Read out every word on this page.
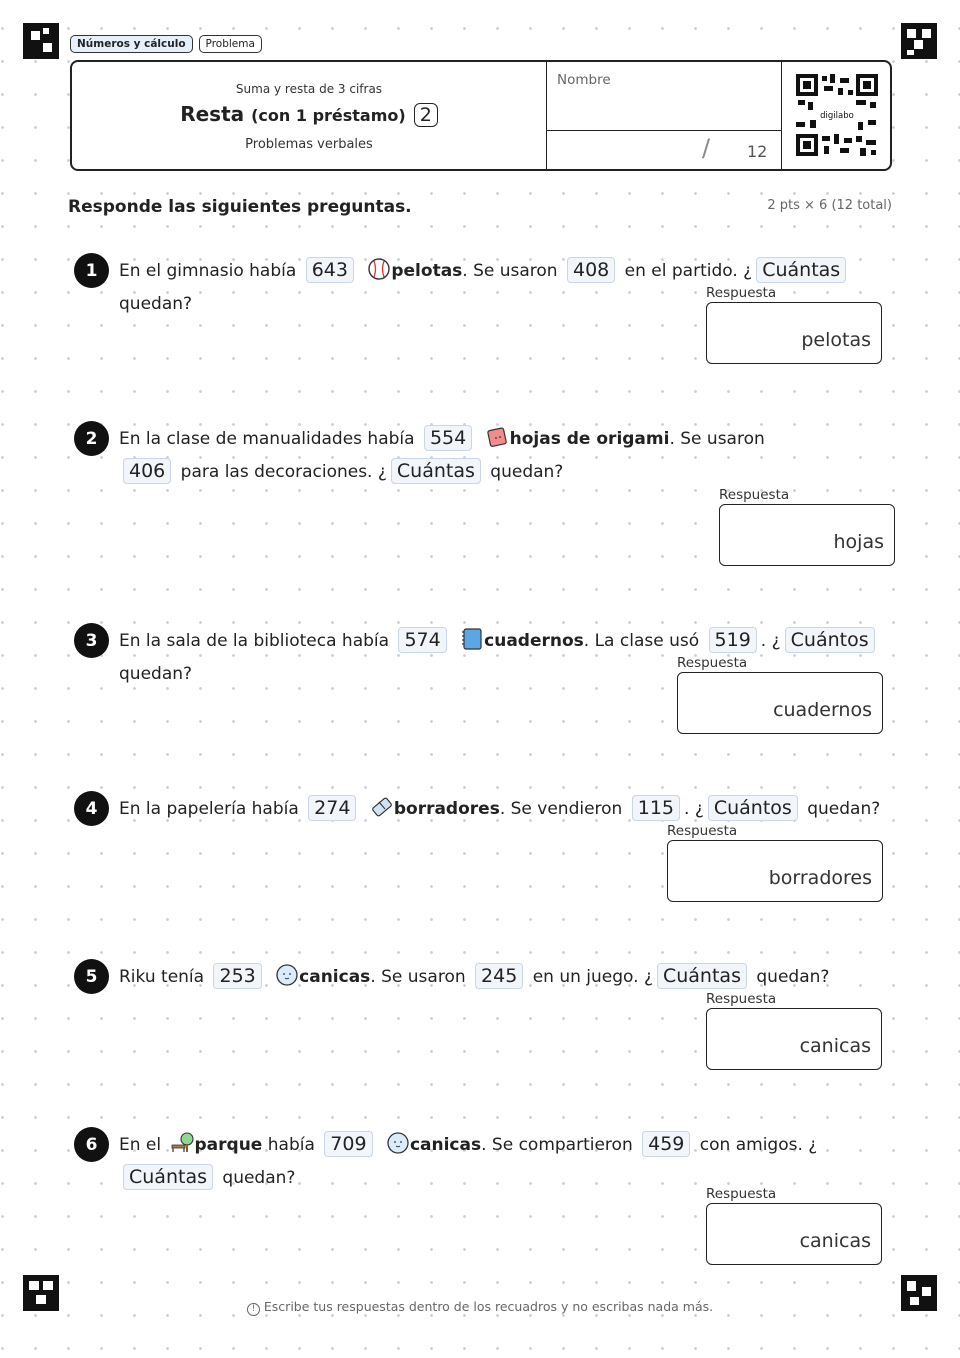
Números y cálculo	Problema
Suma y resta de 3 cifras
Resta (con 1 préstamo) 2
Problemas verbales
Nombre
/ 12
digilabo
Responde las siguientes preguntas.	2 pts × 6 (12 total)
1	En el gimnasio había 643	pelotas. Se usaron 408 en el partido. ¿ Cuántas quedan?
Respuesta
pelotas
2	En la clase de manualidades había 554	hojas de origami. Se usaron 406 para las decoraciones. ¿ Cuántas quedan?
Respuesta
hojas
3	En la sala de la biblioteca había 574	cuadernos. La clase usó 519 . ¿ Cuántos quedan?
Respuesta
cuadernos
4	En la papelería había 274	borradores. Se vendieron 115 . ¿ Cuántos quedan?
Respuesta
borradores
5	Riku tenía 253	canicas. Se usaron 245 en un juego. ¿ Cuántas quedan?
Respuesta
canicas
6	En el parque había 709	canicas. Se compartieron 459 con amigos. ¿Cuántas quedan?
Respuesta
canicas
! Escribe tus respuestas dentro de los recuadros y no escribas nada más.
